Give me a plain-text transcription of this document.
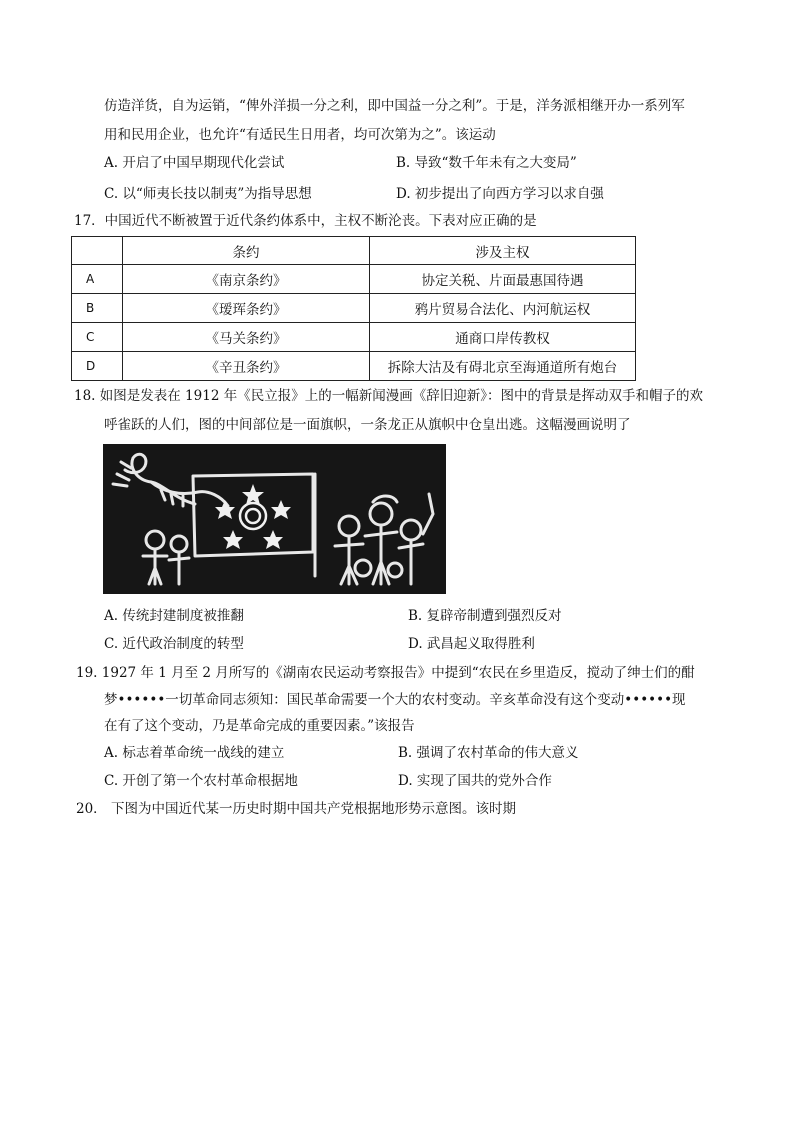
仿造洋货，自为运销，“俾外洋损一分之利，即中国益一分之利”。于是，洋务派相继开办一系列军
用和民用企业，也允许“有适民生日用者，均可次第为之”。该运动
A. 开启了中国早期现代化尝试	B. 导致“数千年未有之大变局”
C. 以“师夷长技以制夷”为指导思想	D. 初步提出了向西方学习以求自强
17．中国近代不断被置于近代条约体系中，主权不断沦丧。下表对应正确的是
	条约	涉及主权
A	《南京条约》	协定关税、片面最惠国待遇
B	《瑷珲条约》	鸦片贸易合法化、内河航运权
C	《马关条约》	通商口岸传教权
D	《辛丑条约》	拆除大沽及有碍北京至海通道所有炮台
18. 如图是发表在 1912 年《民立报》上的一幅新闻漫画《辞旧迎新》：图中的背景是挥动双手和帽子的欢
呼雀跃的人们，图的中间部位是一面旗帜，一条龙正从旗帜中仓皇出逃。这幅漫画说明了
A. 传统封建制度被推翻	B. 复辟帝制遭到强烈反对
C. 近代政治制度的转型	D. 武昌起义取得胜利
19. 1927 年 1 月至 2 月所写的《湖南农民运动考察报告》中提到“农民在乡里造反，搅动了绅士们的酣
梦••••••一切革命同志须知：国民革命需要一个大的农村变动。辛亥革命没有这个变动••••••现
在有了这个变动，乃是革命完成的重要因素。”该报告
A. 标志着革命统一战线的建立	B. 强调了农村革命的伟大意义
C. 开创了第一个农村革命根据地	D. 实现了国共的党外合作
20． 下图为中国近代某一历史时期中国共产党根据地形势示意图。该时期
